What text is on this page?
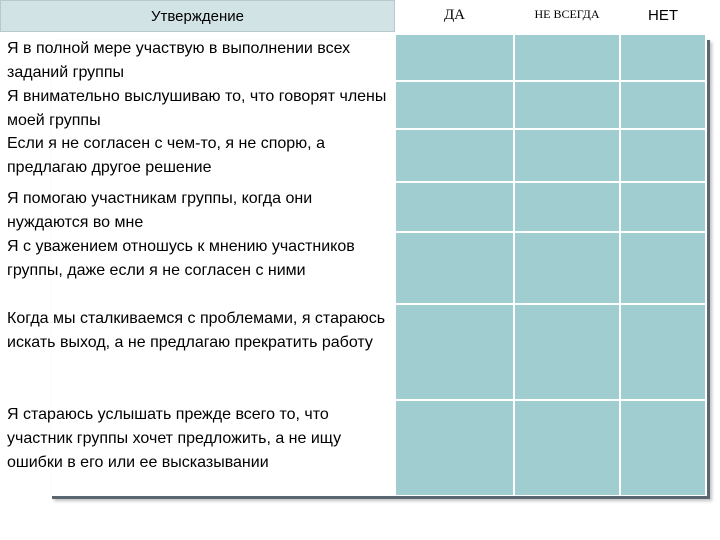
Утверждение	ДА	НЕ ВСЕГДА	НЕТ
Я в полной мере участвую в выполнении всех заданий группы
Я внимательно выслушиваю то, что говорят члены моей группы
Если я не согласен с чем-то, я не спорю, а предлагаю другое решение
Я помогаю участникам группы, когда они нуждаются во мне
Я с уважением отношусь к мнению участников группы, даже если я не согласен с ними
Когда мы сталкиваемся с проблемами, я стараюсь искать выход, а не предлагаю прекратить работу
Я стараюсь услышать прежде всего то, что участник группы хочет предложить, а не ищу ошибки в его или ее высказывании
